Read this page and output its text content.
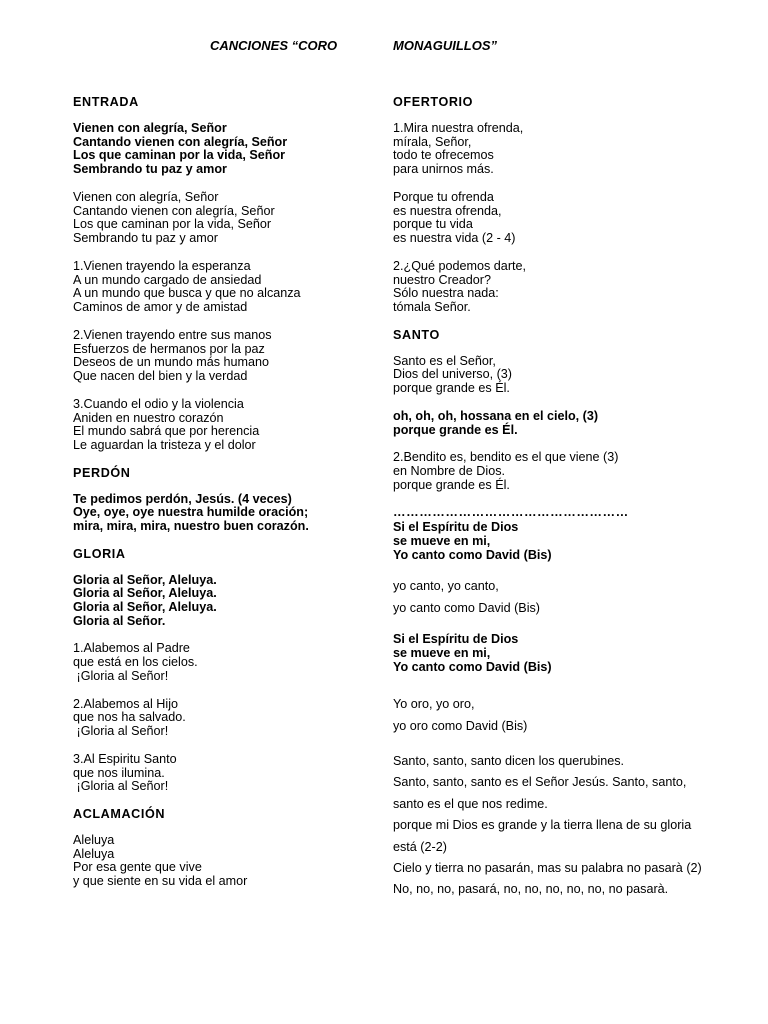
CANCIONES “CORO	MONAGUILLOS”
ENTRADA
Vienen con alegría, Señor
Cantando vienen con alegría, Señor
Los que caminan por la vida, Señor
Sembrando tu paz y amor
Vienen con alegría, Señor
Cantando vienen con alegría, Señor
Los que caminan por la vida, Señor
Sembrando tu paz y amor
1.Vienen trayendo la esperanza
A un mundo cargado de ansiedad
A un mundo que busca y que no alcanza
Caminos de amor y de amistad
2.Vienen trayendo entre sus manos
Esfuerzos de hermanos por la paz
Deseos de un mundo más humano
Que nacen del bien y la verdad
3.Cuando el odio y la violencia
Aniden en nuestro corazón
El mundo sabrá que por herencia
Le aguardan la tristeza y el dolor
PERDÓN
Te pedimos perdón, Jesús. (4 veces)
Oye, oye, oye nuestra humilde oración;
mira, mira, mira, nuestro buen corazón.
GLORIA
Gloria al Señor, Aleluya.
Gloria al Señor, Aleluya.
Gloria al Señor, Aleluya.
Gloria al Señor.
1.Alabemos al Padre
que está en los cielos.
¡Gloria al Señor!
2.Alabemos al Hijo
que nos ha salvado.
¡Gloria al Señor!
3.Al Espiritu Santo
que nos ilumina.
¡Gloria al Señor!
ACLAMACIÓN
Aleluya
Aleluya
Por esa gente que vive
y que siente en su vida el amor
OFERTORIO
1.Mira nuestra ofrenda,
mírala, Señor,
todo te ofrecemos
para unirnos más.
Porque tu ofrenda
es nuestra ofrenda,
porque tu vida
es nuestra vida (2 - 4)
2.¿Qué podemos darte,
nuestro Creador?
Sólo nuestra nada:
tómala Señor.
SANTO
Santo es el Señor,
Dios del universo, (3)
porque grande es Él.
oh, oh, oh, hossana en el cielo, (3)
porque grande es Él.
2.Bendito es, bendito es el que viene (3)
en Nombre de Dios.
porque grande es Él.
………………………………………………
Si el Espíritu de Dios
se mueve en mi,
Yo canto como David (Bis)
yo canto, yo canto,
yo canto como David (Bis)
Si el Espíritu de Dios
se mueve en mi,
Yo canto como David (Bis)
Yo oro, yo oro,
yo oro como David (Bis)
Santo, santo, santo dicen los querubines.
Santo, santo, santo es el Señor Jesús. Santo, santo, santo es el que nos redime.
porque mi Dios es grande y la tierra llena de su gloria está (2-2)
Cielo y tierra no pasarán, mas su palabra no pasarà (2)
No, no, no, pasará, no, no, no, no, no, no pasarà.
